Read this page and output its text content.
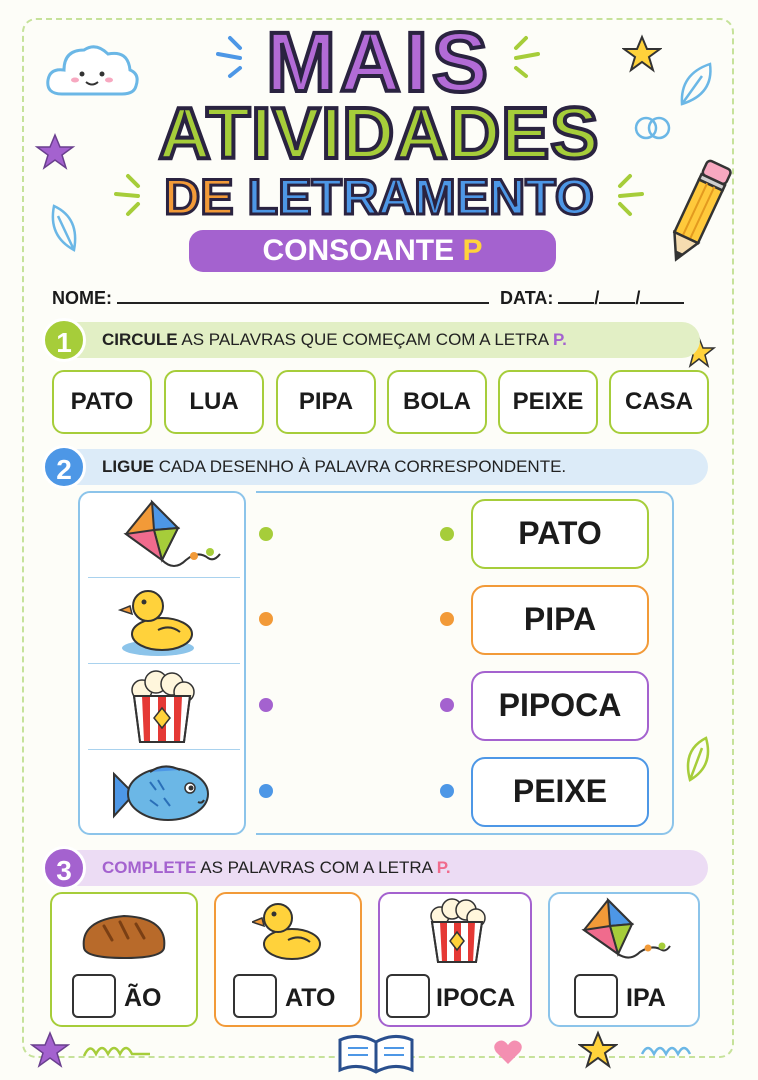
MAIS
ATIVIDADES
DE LETRAMENTO
CONSOANTE P
NOME:	DATA: / /
CIRCULE AS PALAVRAS QUE COMEÇAM COM A LETRA P.
1
PATO	LUA	PIPA	BOLA	PEIXE	CASA
LIGUE CADA DESENHO À PALAVRA CORRESPONDENTE.
2
PATO
PIPA
PIPOCA
PEIXE
COMPLETE AS PALAVRAS COM A LETRA P.
3
ÃO	ATO	IPOCA	IPA
